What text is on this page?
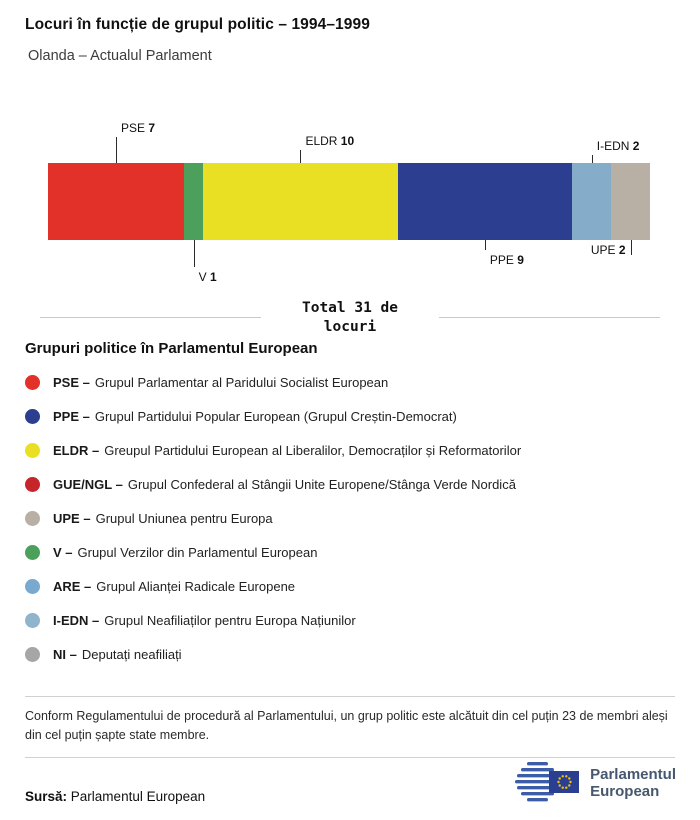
Locuri în funcție de grupul politic – 1994–1999
Olanda – Actualul Parlament
PSE 7
V 1
ELDR 10
PPE 9
I-EDN 2
UPE 2
Total 31 de locuri
Grupuri politice în Parlamentul European
PSE – Grupul Parlamentar al Paridului Socialist European
PPE – Grupul Partidului Popular European (Grupul Creștin-Democrat)
ELDR – Greupul Partidului European al Liberalilor, Democraților și Reformatorilor
GUE/NGL – Grupul Confederal al Stângii Unite Europene/Stânga Verde Nordică
UPE – Grupul Uniunea pentru Europa
V – Grupul Verzilor din Parlamentul European
ARE – Grupul Alianței Radicale Europene
I-EDN – Grupul Neafiliaților pentru Europa Națiunilor
NI – Deputați neafiliați

Conform Regulamentului de procedură al Parlamentului, un grup politic este alcătuit din cel puțin 23 de membri aleși din cel puțin șapte state membre.

Sursă: Parlamentul European
Parlamentul
European
